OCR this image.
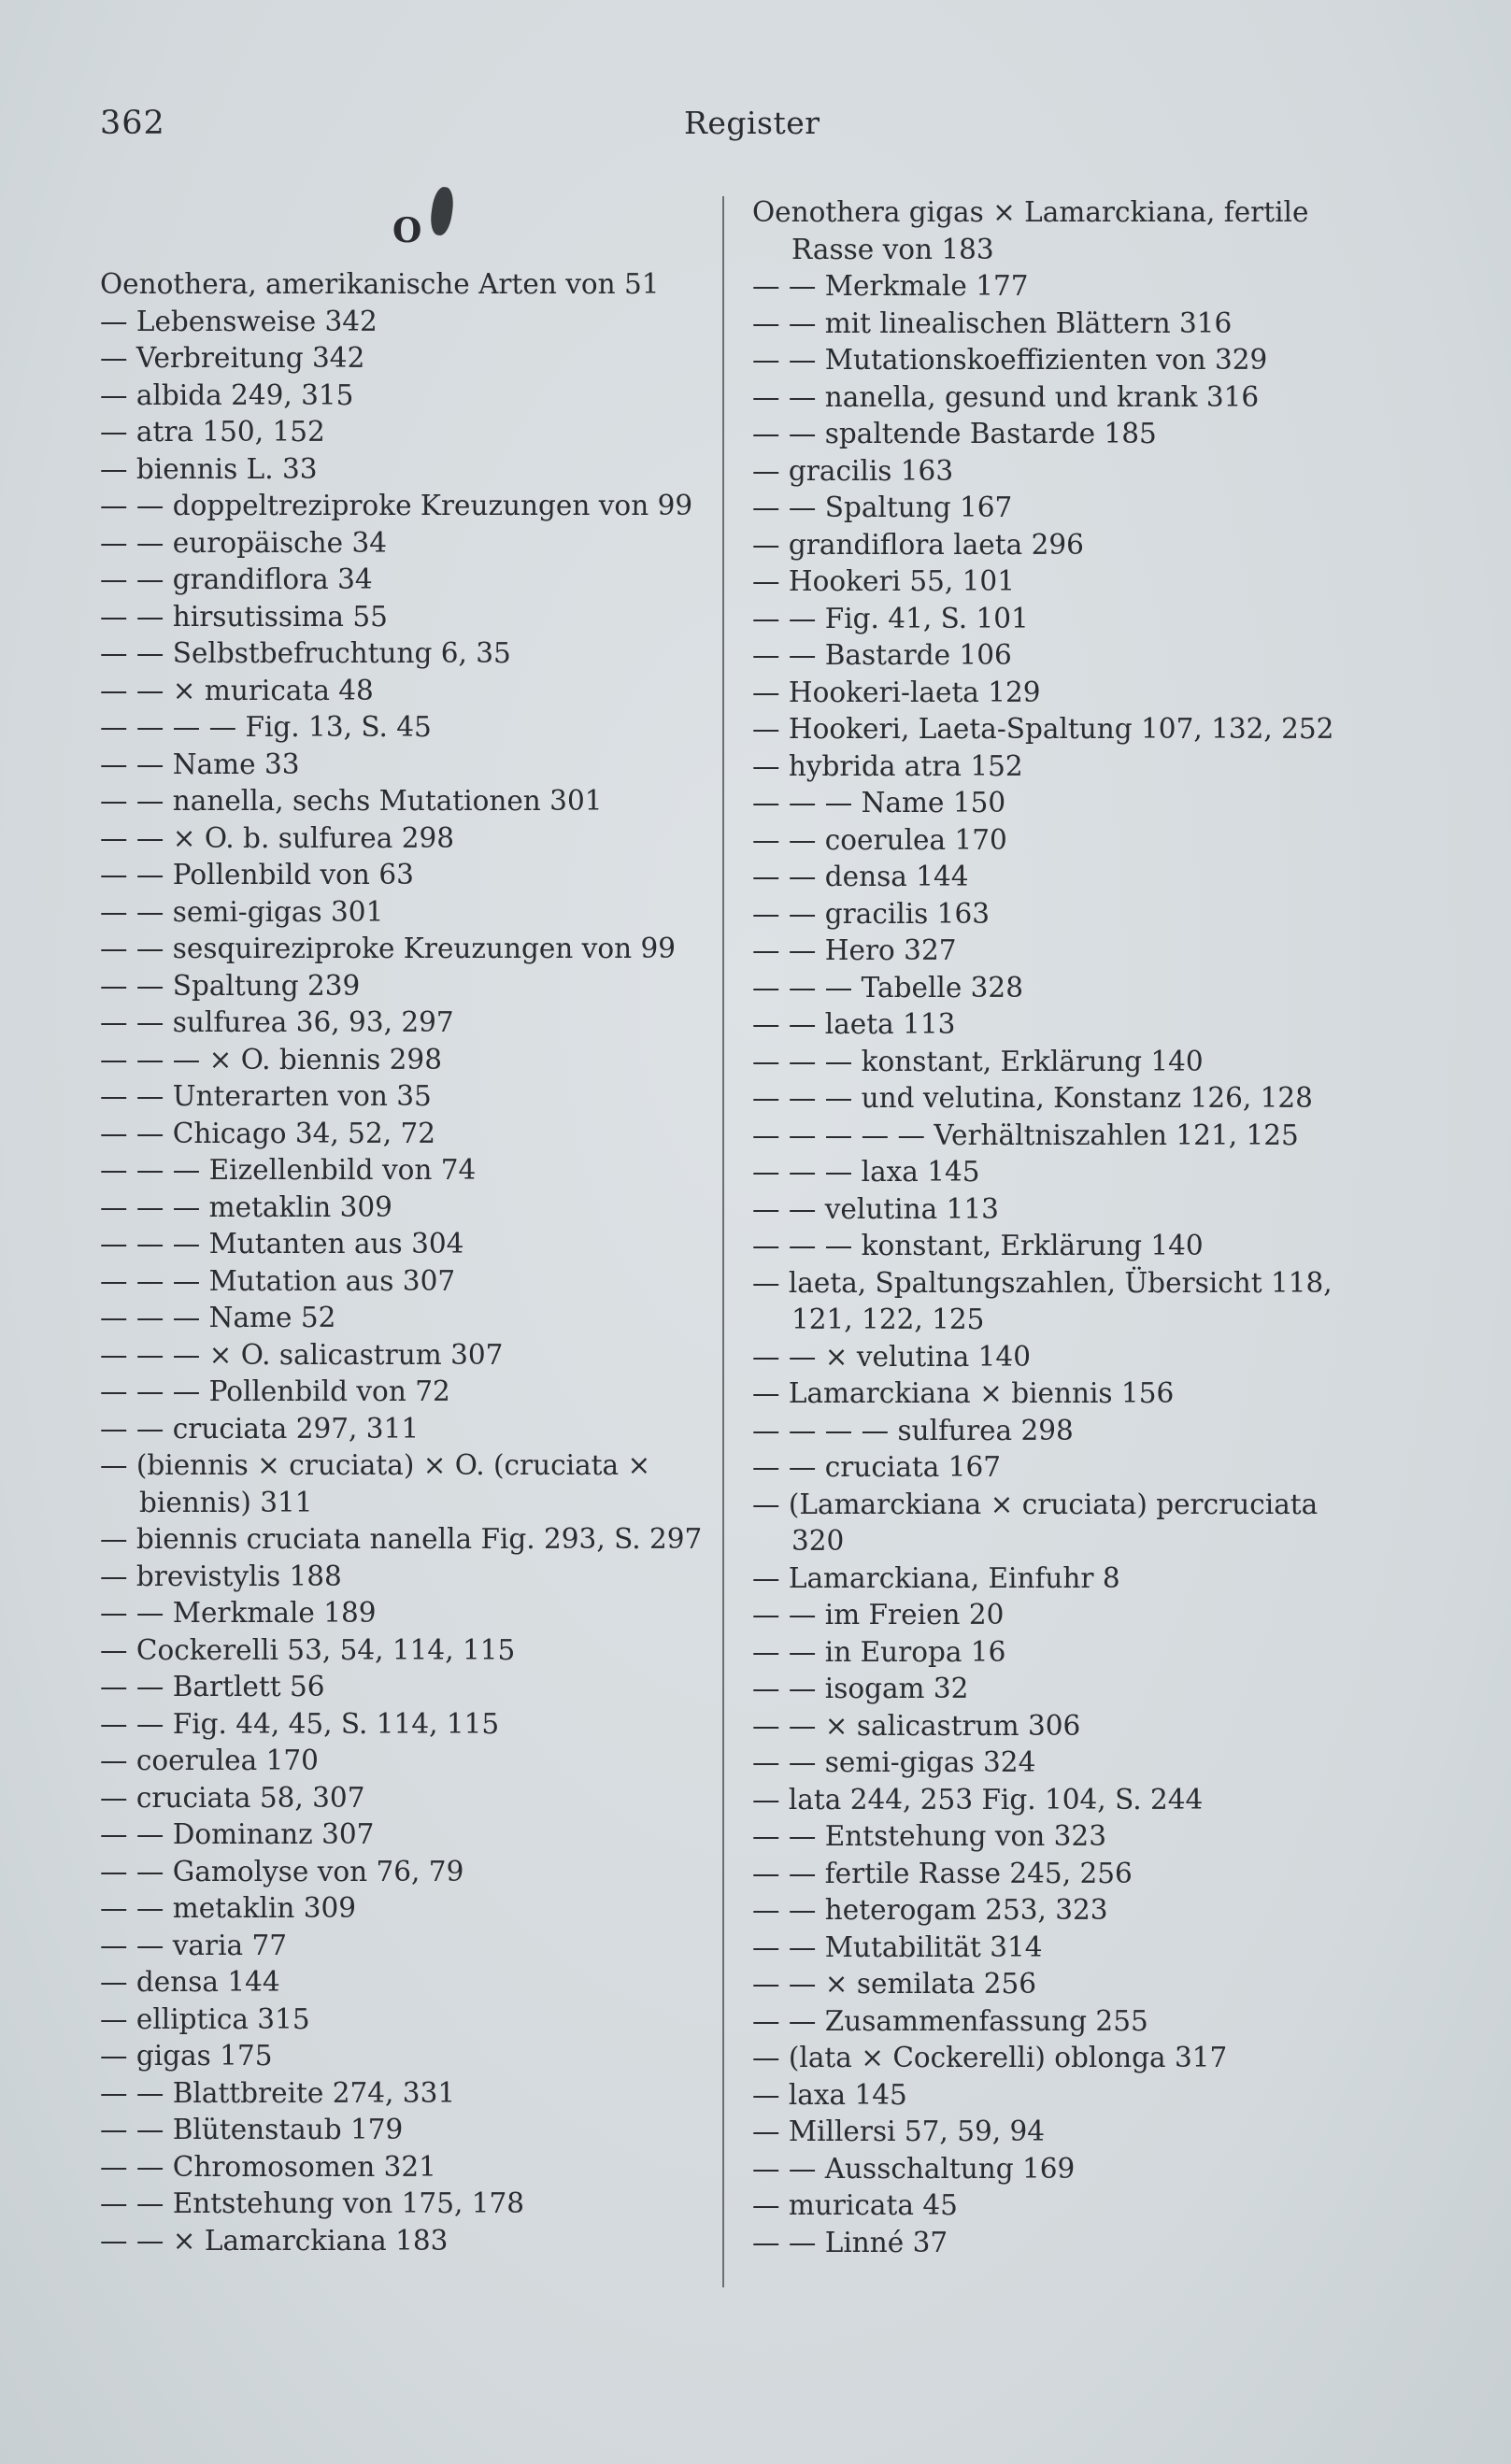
362	Register
O
Oenothera, amerikanische Arten von 51
— Lebensweise 342
— Verbreitung 342
— albida 249, 315
— atra 150, 152
— biennis L. 33
— — doppeltreziproke Kreuzungen von 99
— — europäische 34
— — grandiflora 34
— — hirsutissima 55
— — Selbstbefruchtung 6, 35
— — × muricata 48
— — — — Fig. 13, S. 45
— — Name 33
— — nanella, sechs Mutationen 301
— — × O. b. sulfurea 298
— — Pollenbild von 63
— — semi-gigas 301
— — sesquireziproke Kreuzungen von 99
— — Spaltung 239
— — sulfurea 36, 93, 297
— — — × O. biennis 298
— — Unterarten von 35
— — Chicago 34, 52, 72
— — — Eizellenbild von 74
— — — metaklin 309
— — — Mutanten aus 304
— — — Mutation aus 307
— — — Name 52
— — — × O. salicastrum 307
— — — Pollenbild von 72
— — cruciata 297, 311
— (biennis × cruciata) × O. (cruciata ×
biennis) 311
— biennis cruciata nanella Fig. 293, S. 297
— brevistylis 188
— — Merkmale 189
— Cockerelli 53, 54, 114, 115
— — Bartlett 56
— — Fig. 44, 45, S. 114, 115
— coerulea 170
— cruciata 58, 307
— — Dominanz 307
— — Gamolyse von 76, 79
— — metaklin 309
— — varia 77
— densa 144
— elliptica 315
— gigas 175
— — Blattbreite 274, 331
— — Blütenstaub 179
— — Chromosomen 321
— — Entstehung von 175, 178
— — × Lamarckiana 183
Oenothera gigas × Lamarckiana, fertile
Rasse von 183
— — Merkmale 177
— — mit linealischen Blättern 316
— — Mutationskoeffizienten von 329
— — nanella, gesund und krank 316
— — spaltende Bastarde 185
— gracilis 163
— — Spaltung 167
— grandiflora laeta 296
— Hookeri 55, 101
— — Fig. 41, S. 101
— — Bastarde 106
— Hookeri-laeta 129
— Hookeri, Laeta-Spaltung 107, 132, 252
— hybrida atra 152
— — — Name 150
— — coerulea 170
— — densa 144
— — gracilis 163
— — Hero 327
— — — Tabelle 328
— — laeta 113
— — — konstant, Erklärung 140
— — — und velutina, Konstanz 126, 128
— — — — — Verhältniszahlen 121, 125
— — — laxa 145
— — velutina 113
— — — konstant, Erklärung 140
— laeta, Spaltungszahlen, Übersicht 118,
121, 122, 125
— — × velutina 140
— Lamarckiana × biennis 156
— — — — sulfurea 298
— — cruciata 167
— (Lamarckiana × cruciata) percruciata
320
— Lamarckiana, Einfuhr 8
— — im Freien 20
— — in Europa 16
— — isogam 32
— — × salicastrum 306
— — semi-gigas 324
— lata 244, 253 Fig. 104, S. 244
— — Entstehung von 323
— — fertile Rasse 245, 256
— — heterogam 253, 323
— — Mutabilität 314
— — × semilata 256
— — Zusammenfassung 255
— (lata × Cockerelli) oblonga 317
— laxa 145
— Millersi 57, 59, 94
— — Ausschaltung 169
— muricata 45
— — Linné 37
